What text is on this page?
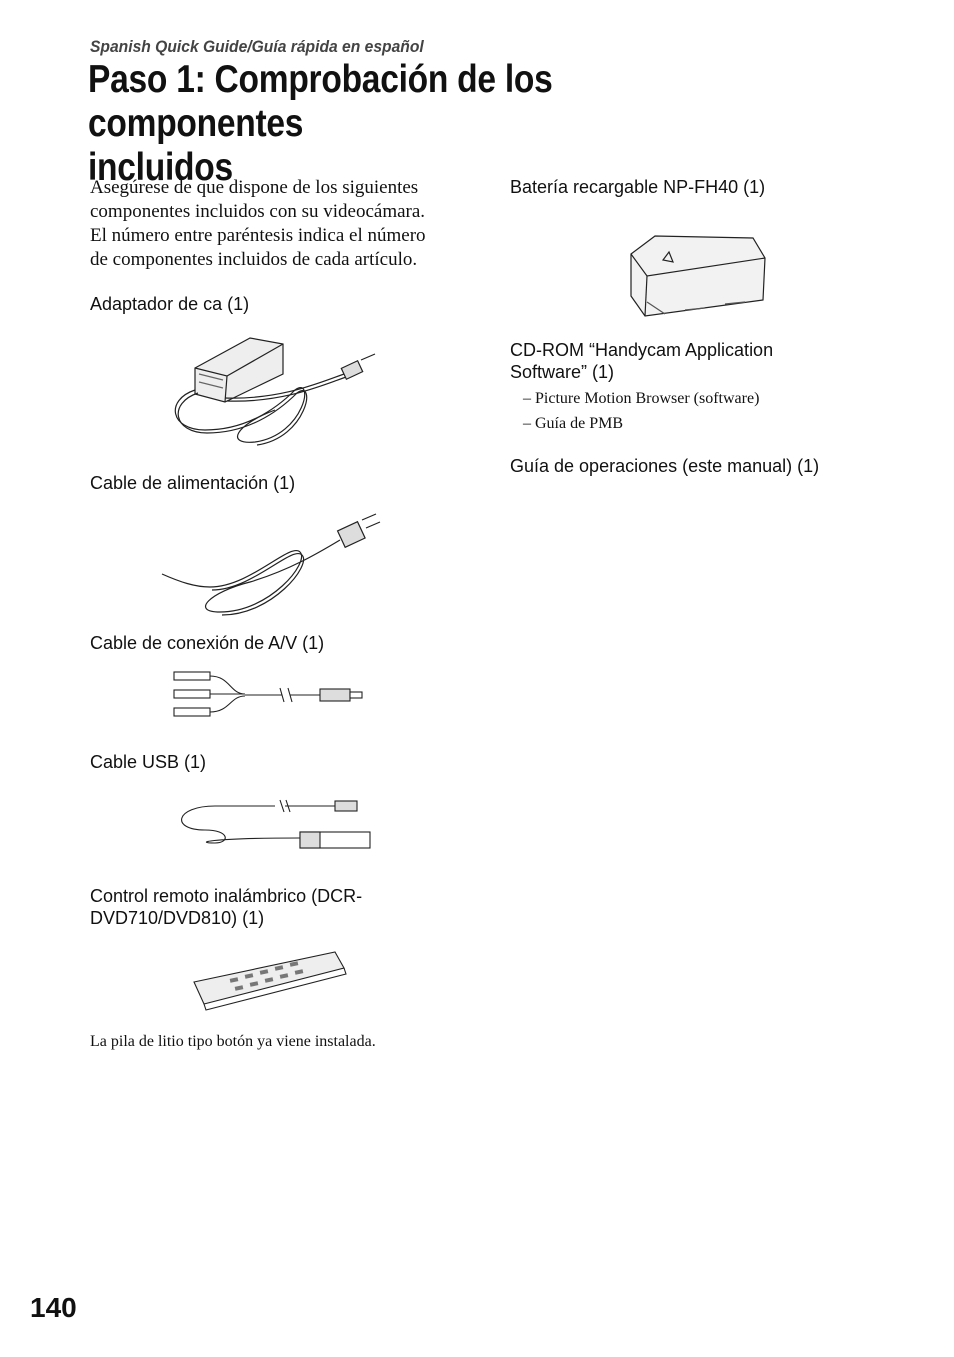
Spanish Quick Guide/Guía rápida en español
Paso 1: Comprobación de los componentes
incluidos
Asegúrese de que dispone de los siguientes
componentes incluidos con su videocámara.
El número entre paréntesis indica el número
de componentes incluidos de cada artículo.
Adaptador de ca (1)
Cable de alimentación (1)
Cable de conexión de A/V (1)
Cable USB (1)
Control remoto inalámbrico (DCR-
DVD710/DVD810) (1)
La pila de litio tipo botón ya viene instalada.
Batería recargable NP-FH40 (1)
CD-ROM “Handycam Application
Software” (1)
– Picture Motion Browser (software)
– Guía de PMB
Guía de operaciones (este manual) (1)
140
